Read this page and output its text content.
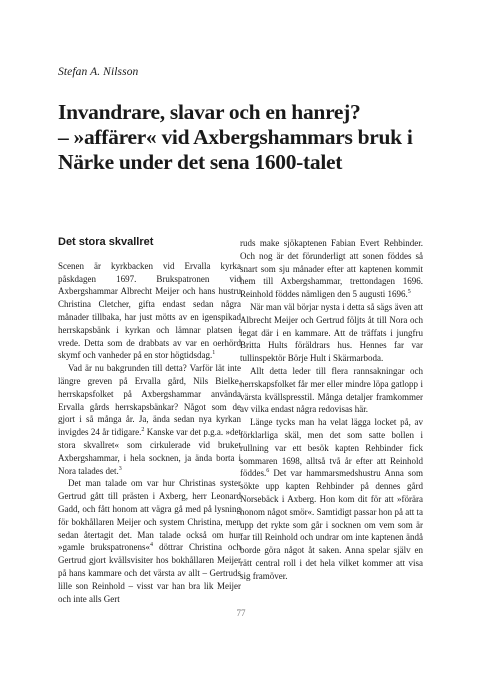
Stefan A. Nilsson
Invandrare, slavar och en hanrej?
– »affärer« vid Axbergshammars bruk i
Närke under det sena 1600-talet
Det stora skvallret

Scenen är kyrkbacken vid Ervalla kyrka påskdagen 1697. Brukspatronen vid Axbergshammar Albrecht Meijer och hans hustru Christina Cletcher, gifta endast sedan några månader tillbaka, har just mötts av en igenspikad herrskapsbänk i kyrkan och lämnar platsen i vrede. Detta som de drabbats av var en oerhörd skymf och vanheder på en stor högtidsdag.$^1$

Vad är nu bakgrunden till detta? Varför lät inte längre greven på Ervalla gård, Nils Bielke, herrskapsfolket på Axbergshammar använda Ervalla gårds herrskapsbänkar? Något som de gjort i så många år. Ja, ända sedan nya kyrkan invigdes 24 år tidigare.$^2$ Kanske var det p.g.a. »det stora skvallret« som cirkulerade vid bruket Axbergshammar, i hela socknen, ja ända borta i Nora talades det.$^3$

Det man talade om var hur Christinas syster Gertrud gått till prästen i Axberg, herr Leonard Gadd, och fått honom att vägra gå med på lysning för bokhållaren Meijer och system Christina, men sedan återtagit det. Man talade också om hur »gamle brukspatronens«$^4$ döttrar Christina och Gertrud gjort kvällsvisiter hos bokhållaren Meijer på hans kammare och det värsta av allt – Gertruds lille son Reinhold – visst var han bra lik Meijer och inte alls Gert

ruds make sjökaptenen Fabian Evert Rehbinder. Och nog är det förunderligt att sonen föddes så snart som sju månader efter att kaptenen kommit hem till Axbergshammar, trettondagen 1696. Reinhold föddes nämligen den 5 augusti 1696.$^5$

När man väl börjar nysta i detta så sägs även att Albrecht Meijer och Gertrud följts åt till Nora och legat där i en kammare. Att de träffats i jungfru Britta Hults föräldrars hus. Hennes far var tullinspektör Börje Hult i Skärmarboda.

Allt detta leder till flera rannsakningar och herrskapsfolket får mer eller mindre löpa gatlopp i värsta kvällspresstil. Många detaljer framkommer av vilka endast några redovisas här.

Länge tycks man ha velat lägga locket på, av förklarliga skäl, men det som satte bollen i rullning var ett besök kapten Rehbinder fick sommaren 1698, alltså två år efter att Reinhold föddes.$^6$ Det var hammarsmedshustru Anna som sökte upp kapten Rehbinder på dennes gård Norsebäck i Axberg. Hon kom dit för att »förära honom något smör«. Samtidigt passar hon på att ta upp det rykte som går i socknen om vem som är far till Reinhold och undrar om inte kaptenen ändå borde göra något åt saken. Anna spelar själv en rätt central roll i det hela vilket kommer att visa sig framöver.

77
